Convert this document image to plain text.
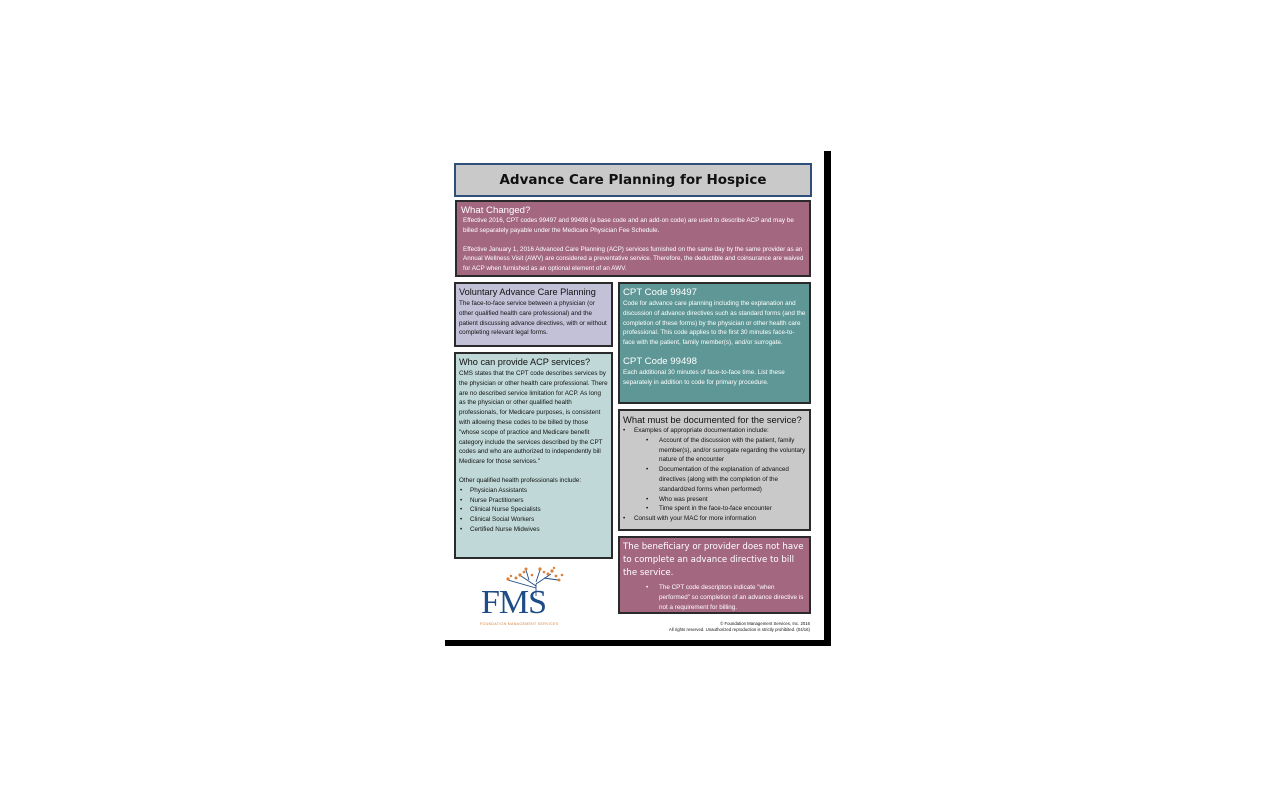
Advance Care Planning for Hospice
What Changed?

Effective 2016, CPT codes 99497 and 99498 (a base code and an add-on code) are used to describe ACP and may be billed separately payable under the Medicare Physician Fee Schedule.

Effective January 1, 2016 Advanced Care Planning (ACP) services furnished on the same day by the same provider as an Annual Wellness Visit (AWV) are considered a preventative service. Therefore, the deductible and coinsurance are waived for ACP when furnished as an optional element of an AWV.

Voluntary Advance Care Planning

The face-to-face service between a physician (or other qualified health care professional) and the patient discussing advance directives, with or without completing relevant legal forms.

Who can provide ACP services?

CMS states that the CPT code describes services by the physician or other health care professional. There are no described service limitation for ACP. As long as the physician or other qualified health professionals, for Medicare purposes, is consistent with allowing these codes to be billed by those "whose scope of practice and Medicare benefit category include the services described by the CPT codes and who are authorized to independently bill Medicare for those services."

Other qualified health professionals include:

• Physician Assistants
• Nurse Practitioners
• Clinical Nurse Specialists
• Clinical Social Workers
• Certified Nurse Midwives
CPT Code 99497

Code for advance care planning including the explanation and discussion of advance directives such as standard forms (and the completion of these forms) by the physician or other health care professional. This code applies to the first 30 minutes face-to-face with the patient, family member(s), and/or surrogate.

CPT Code 99498

Each additional 30 minutes of face-to-face time. List these separately in addition to code for primary procedure.

What must be documented for the service?
• Examples of appropriate documentation include:
• Account of the discussion with the patient, family member(s), and/or surrogate regarding the voluntary nature of the encounter
• Documentation of the explanation of advanced directives (along with the completion of the standardized forms when performed)
• Who was present
• Time spent in the face-to-face encounter
• Consult with your MAC for more information
The beneficiary or provider does not have to complete an advance directive to bill the service.
• The CPT code descriptors indicate "when performed" so completion of an advance directive is not a requirement for billing.
FMS
FOUNDATION MANAGEMENT SERVICES	© Foundation Management Services, Inc. 2016
All rights reserved. Unauthorized reproduction is strictly prohibited. (04/16)
